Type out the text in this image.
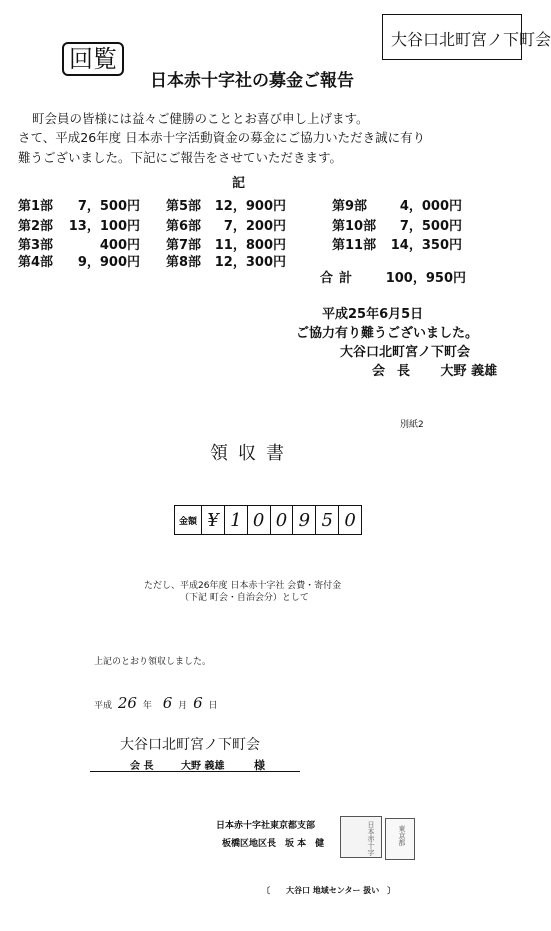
大谷口北町宮ノ下町会
回覧
日本赤十字社の募金ご報告
町会員の皆様には益々ご健勝のこととお喜び申し上げます。
さて、平成26年度 日本赤十字活動資金の募金にご協力いただき誠に有り
難うございました。下記にご報告をさせていただきます。
記
第1部	7，500円
第2部	13，100円
第3部	400円
第4部	9，900円
第5部	12，900円
第6部	7，200円
第7部	11，800円
第8部	12，300円
第9部	4，000円
第10部	7，500円
第11部	14，350円
合計	100，950円
平成25年6月5日
ご協力有り難うございました。
大谷口北町宮ノ下町会
会長 大野 義雄
別紙2
領収書
金額 ¥ 1 0 0 9 5 0
ただし、平成26年度 日本赤十字社 会費・寄付金
（下記 町会・自治会分）として
上記のとおり領収しました。
平成 26 年 6 月 6 日
大谷口北町宮ノ下町会
会 長	大野 義雄	様
日本赤十字社東京都支部
板橋区地区長　坂 本　健	日本赤十字	東京都
〔　　大谷口 地域センター 扱い　〕
